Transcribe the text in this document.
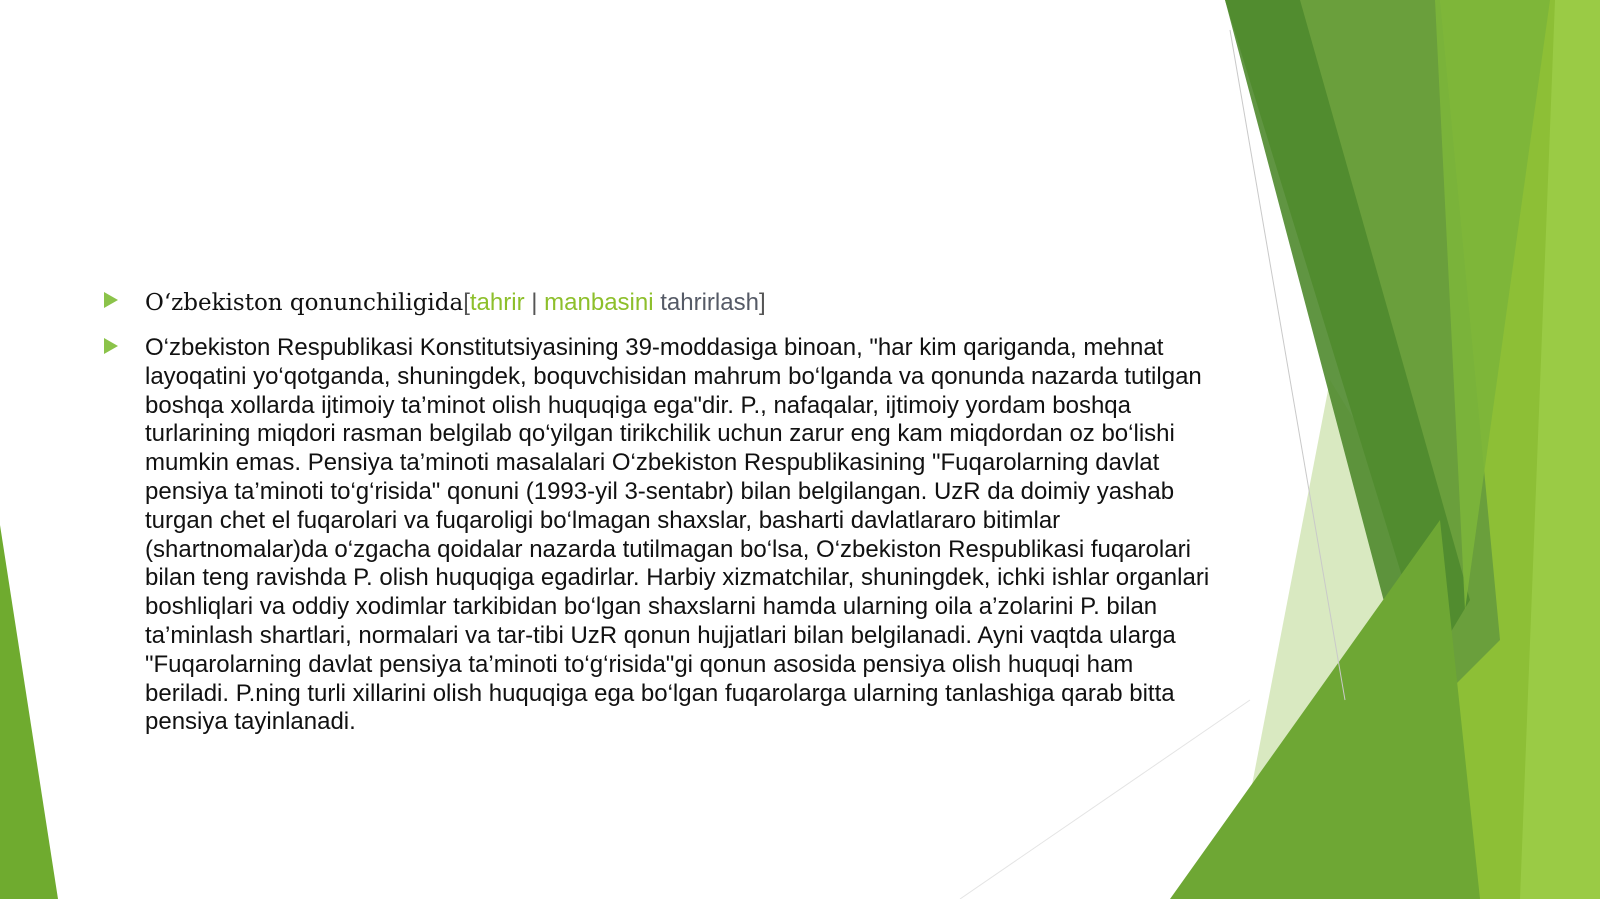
O‘zbekiston qonunchiligida[tahrir | manbasini tahrirlash]
O‘zbekiston Respublikasi Konstitutsiyasining 39-moddasiga binoan, "har kim qariganda, mehnat layoqatini yo‘qotganda, shuningdek, boquvchisidan mahrum bo‘lganda va qonunda nazarda tutilgan boshqa xollarda ijtimoiy ta’minot olish huquqiga ega"dir. P., nafaqalar, ijtimoiy yordam boshqa turlarining miqdori rasman belgilab qo‘yilgan tirikchilik uchun zarur eng kam miqdordan oz bo‘lishi mumkin emas. Pensiya ta’minoti masalalari O‘zbekiston Respublikasining "Fuqarolarning davlat pensiya ta’minoti to‘g‘risida" qonuni (1993-yil 3-sentabr) bilan belgilangan. UzR da doimiy yashab turgan chet el fuqarolari va fuqaroligi bo‘lmagan shaxslar, basharti davlatlararo bitimlar (shartnomalar)da o‘zgacha qoidalar nazarda tutilmagan bo‘lsa, O‘zbekiston Respublikasi fuqarolari bilan teng ravishda P. olish huquqiga egadirlar. Harbiy xizmatchilar, shuningdek, ichki ishlar organlari boshliqlari va oddiy xodimlar tarkibidan bo‘lgan shaxslarni hamda ularning oila a’zolarini P. bilan ta’minlash shartlari, normalari va tar-tibi UzR qonun hujjatlari bilan belgilanadi. Ayni vaqtda ularga "Fuqarolarning davlat pensiya ta’minoti to‘g‘risida"gi qonun asosida pensiya olish huquqi ham beriladi. P.ning turli xillarini olish huquqiga ega bo‘lgan fuqarolarga ularning tanlashiga qarab bitta pensiya tayinlanadi.
